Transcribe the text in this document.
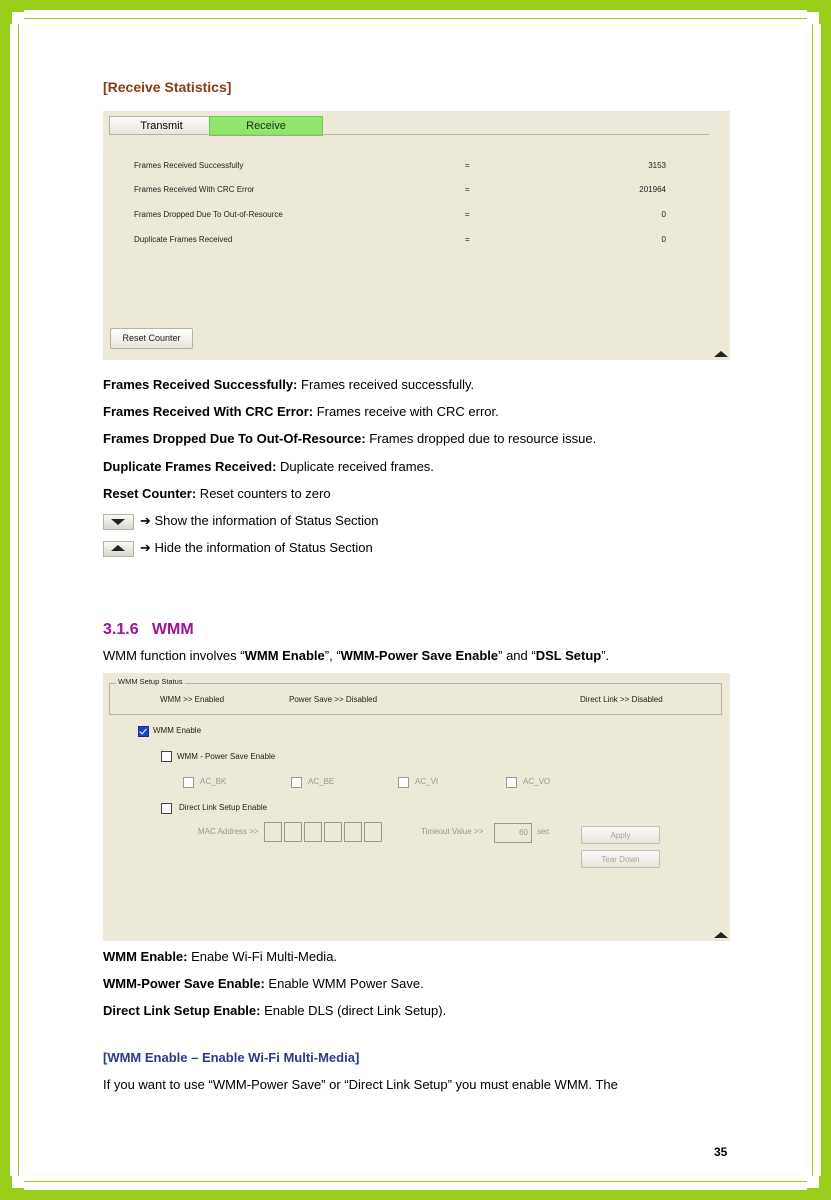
[Receive Statistics]
Transmit	Receive
Frames Received Successfully	=	3153
Frames Received With CRC Error	=	201964
Frames Dropped Due To Out-of-Resource	=	0
Duplicate Frames Received	=	0
Reset Counter
Frames Received Successfully: Frames received successfully.
Frames Received With CRC Error: Frames receive with CRC error.
Frames Dropped Due To Out-Of-Resource: Frames dropped due to resource issue.
Duplicate Frames Received: Duplicate received frames.
Reset Counter: Reset counters to zero
➔ Show the information of Status Section
➔ Hide the information of Status Section
3.1.6   WMM
WMM function involves “WMM Enable”, “WMM-Power Save Enable” and “DSL Setup”.
WMM Setup Status
WMM >> Enabled	Power Save >> Disabled	Direct Link >> Disabled
WMM Enable
WMM - Power Save Enable
AC_BK	AC_BE	AC_VI	AC_VO
Direct Link Setup Enable
MAC Address >>	Timeout Value >>	60	sec	Apply
Tear Down
WMM Enable: Enabe Wi-Fi Multi-Media.
WMM-Power Save Enable: Enable WMM Power Save.
Direct Link Setup Enable: Enable DLS (direct Link Setup).
[WMM Enable – Enable Wi-Fi Multi-Media]
If you want to use “WMM-Power Save” or “Direct Link Setup” you must enable WMM. The
35
